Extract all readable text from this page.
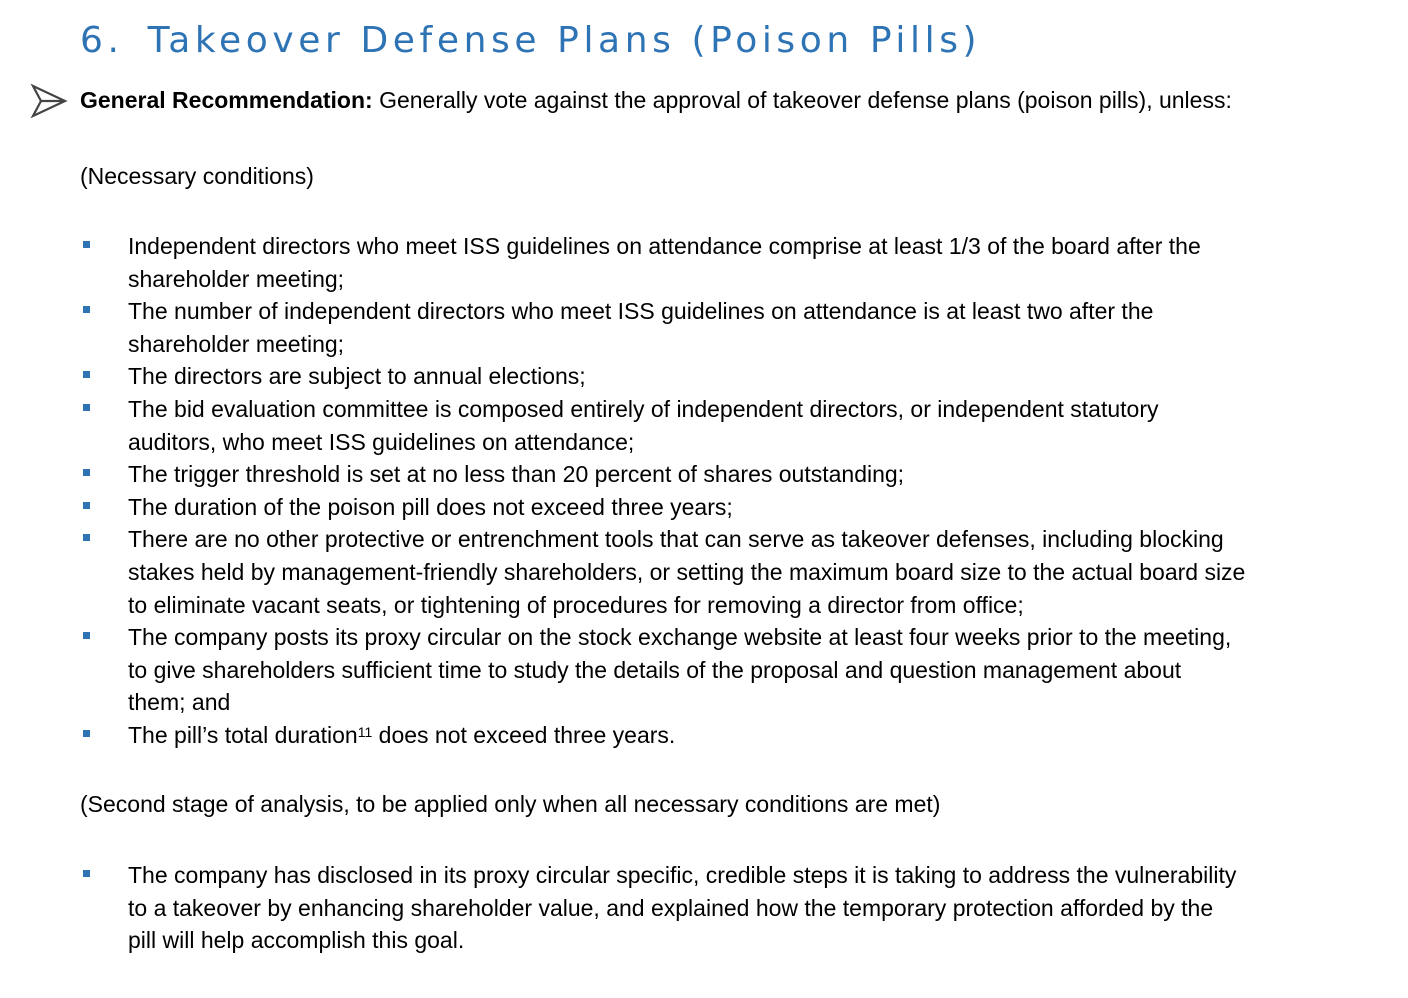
6. Takeover Defense Plans (Poison Pills)
General Recommendation: Generally vote against the approval of takeover defense plans (poison pills), unless:
(Necessary conditions)
Independent directors who meet ISS guidelines on attendance comprise at least 1/3 of the board after the
shareholder meeting;
The number of independent directors who meet ISS guidelines on attendance is at least two after the
shareholder meeting;
The directors are subject to annual elections;
The bid evaluation committee is composed entirely of independent directors, or independent statutory
auditors, who meet ISS guidelines on attendance;
The trigger threshold is set at no less than 20 percent of shares outstanding;
The duration of the poison pill does not exceed three years;
There are no other protective or entrenchment tools that can serve as takeover defenses, including blocking
stakes held by management-friendly shareholders, or setting the maximum board size to the actual board size
to eliminate vacant seats, or tightening of procedures for removing a director from office;
The company posts its proxy circular on the stock exchange website at least four weeks prior to the meeting,
to give shareholders sufficient time to study the details of the proposal and question management about
them; and
The pill’s total duration$^{11}$ does not exceed three years.
(Second stage of analysis, to be applied only when all necessary conditions are met)
The company has disclosed in its proxy circular specific, credible steps it is taking to address the vulnerability
to a takeover by enhancing shareholder value, and explained how the temporary protection afforded by the
pill will help accomplish this goal.
